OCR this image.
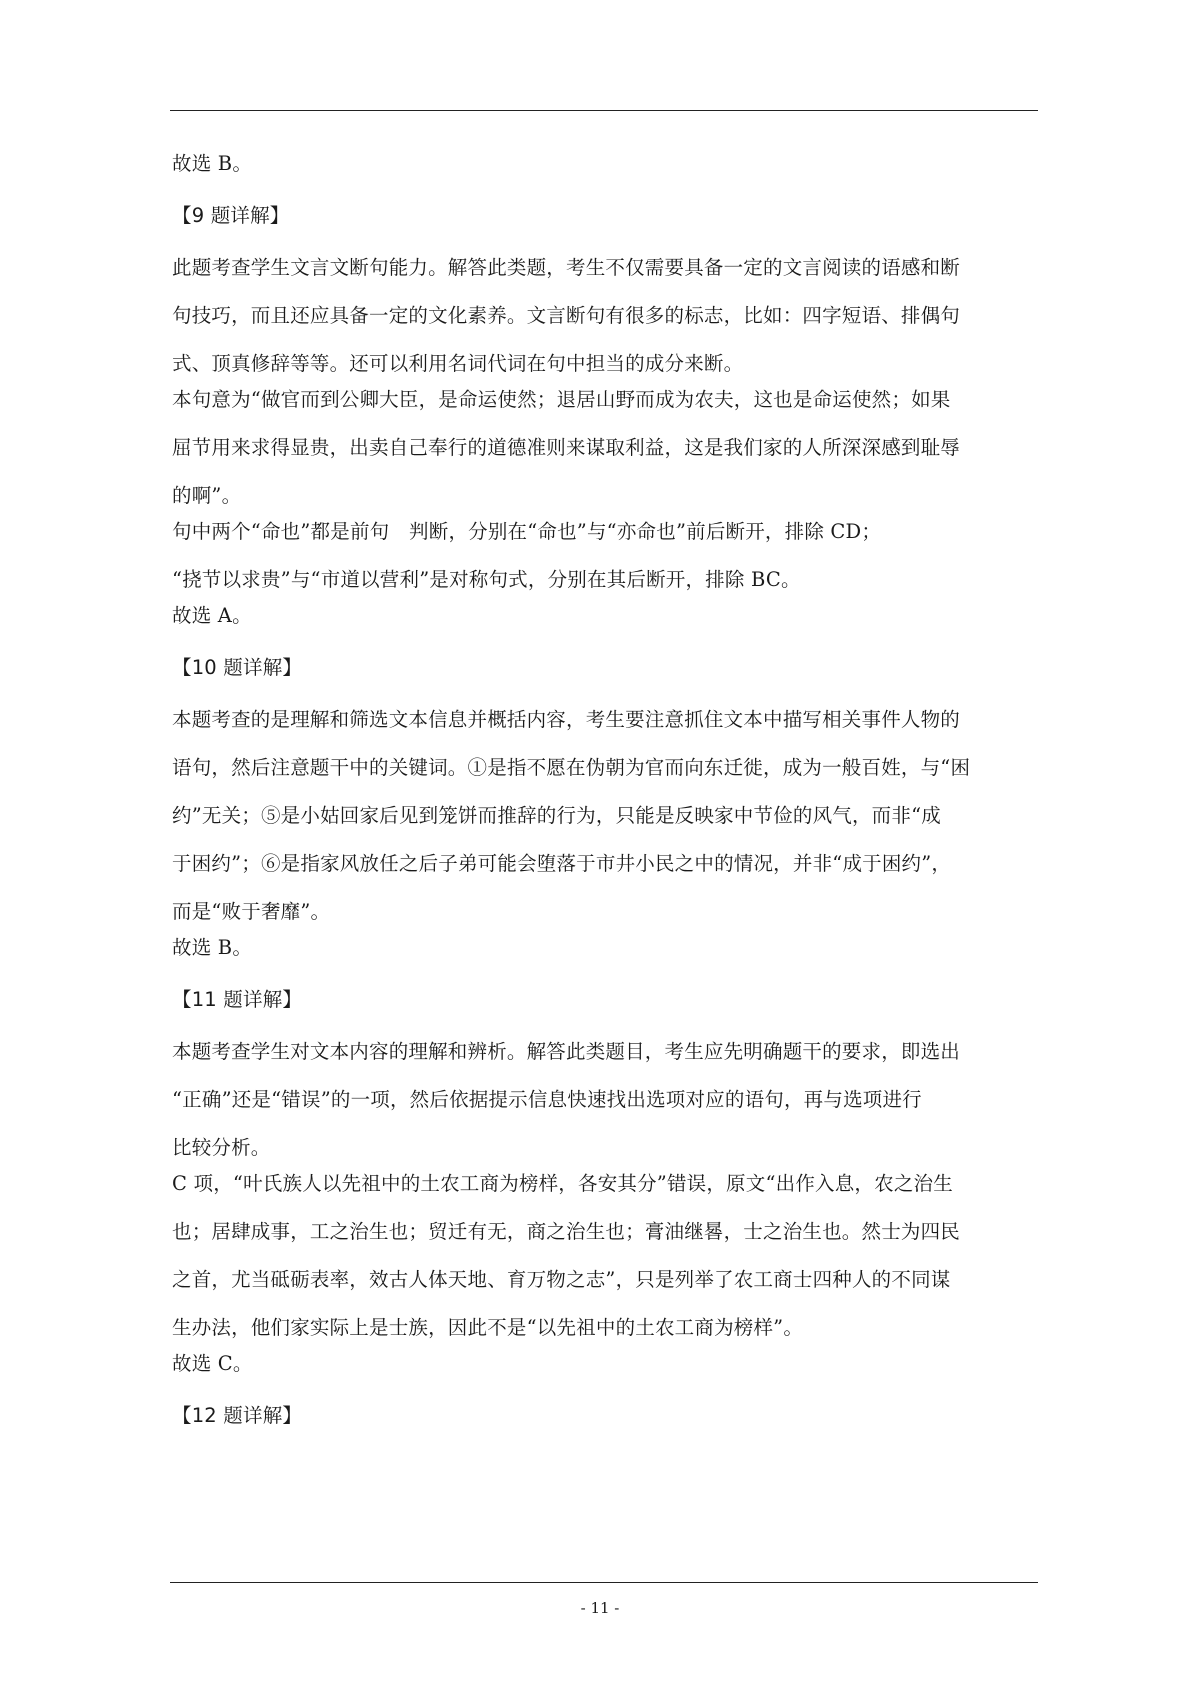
故选 B。
【9 题详解】
此题考查学生文言文断句能力。解答此类题，考生不仅需要具备一定的文言阅读的语感和断
句技巧，而且还应具备一定的文化素养。文言断句有很多的标志，比如：四字短语、排偶句
式、顶真修辞等等。还可以利用名词代词在句中担当的成分来断。
本句意为“做官而到公卿大臣，是命运使然；退居山野而成为农夫，这也是命运使然；如果
屈节用来求得显贵，出卖自己奉行的道德准则来谋取利益，这是我们家的人所深深感到耻辱
的啊”。
句中两个“命也”都是前句　判断，分别在“命也”与“亦命也”前后断开，排除 CD；
“挠节以求贵”与“市道以营利”是对称句式，分别在其后断开，排除 BC。
故选 A。
【10 题详解】
本题考查的是理解和筛选文本信息并概括内容，考生要注意抓住文本中描写相关事件人物的
语句，然后注意题干中的关键词。①是指不愿在伪朝为官而向东迁徙，成为一般百姓，与“困
约”无关；⑤是小姑回家后见到笼饼而推辞的行为，只能是反映家中节俭的风气，而非“成
于困约”；⑥是指家风放任之后子弟可能会堕落于市井小民之中的情况，并非“成于困约”，
而是“败于奢靡”。
故选 B。
【11 题详解】
本题考查学生对文本内容的理解和辨析。解答此类题目，考生应先明确题干的要求，即选出
“正确”还是“错误”的一项，然后依据提示信息快速找出选项对应的语句，再与选项进行
比较分析。
C 项，“叶氏族人以先祖中的土农工商为榜样，各安其分”错误，原文“出作入息，农之治生
也；居肆成事，工之治生也；贸迁有无，商之治生也；膏油继晷，士之治生也。然士为四民
之首，尤当砥砺表率，效古人体天地、育万物之志”，只是列举了农工商士四种人的不同谋
生办法，他们家实际上是士族，因此不是“以先祖中的土农工商为榜样”。
故选 C。
【12 题详解】
- 11 -
